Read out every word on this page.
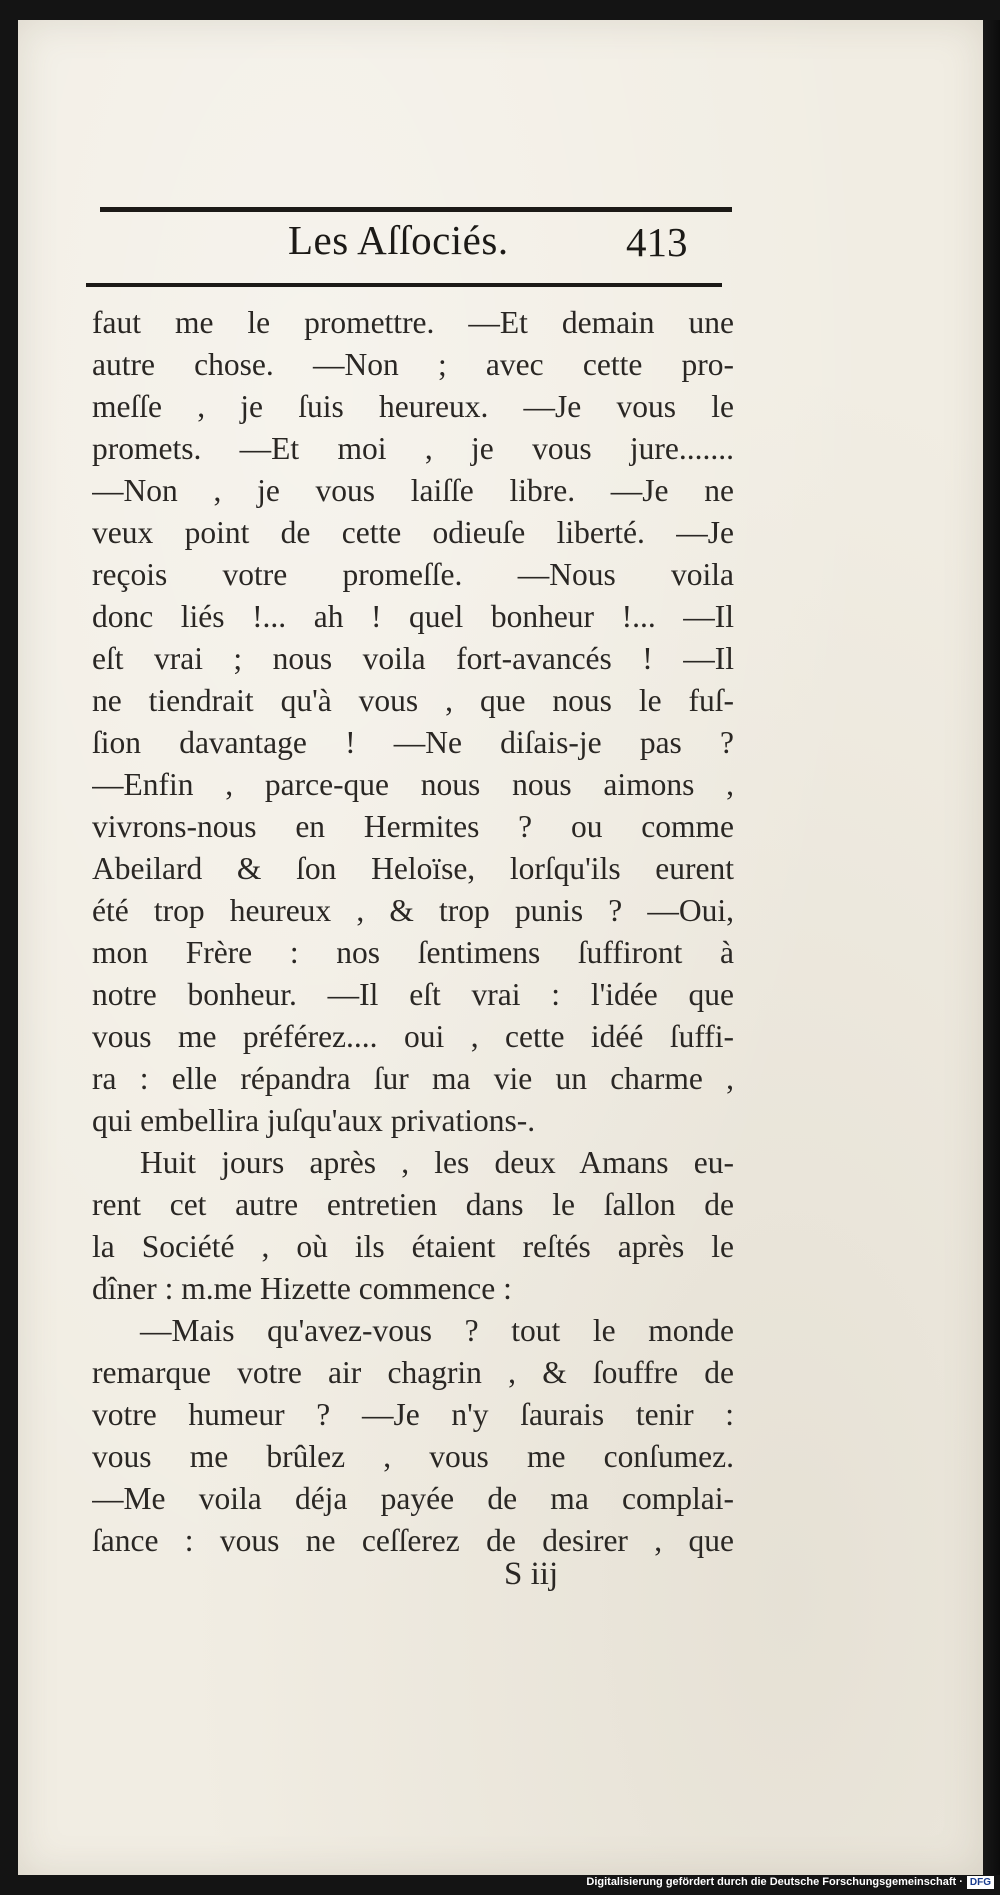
Les Aſſociés.	413
faut me le promettre. —Et demain une
autre chose. —Non ; avec cette pro-
meſſe , je ſuis heureux. —Je vous le
promets. —Et moi , je vous jure.......
—Non , je vous laiſſe libre. —Je ne
veux point de cette odieuſe liberté. —Je
reçois votre promeſſe. —Nous voila
donc liés !... ah ! quel bonheur !... —Il
eſt vrai ; nous voila fort-avancés ! —Il
ne tiendrait qu'à vous , que nous le fuſ-
ſion davantage ! —Ne diſais-je pas ?
—Enfin , parce-que nous nous aimons ,
vivrons-nous en Hermites ? ou comme
Abeilard & ſon Heloïse, lorſqu'ils eurent
été trop heureux , & trop punis ? —Oui,
mon Frère : nos ſentimens ſuffiront à
notre bonheur. —Il eſt vrai : l'idée que
vous me préférez.... oui , cette idéé ſuffi-
ra : elle répandra ſur ma vie un charme ,
qui embellira juſqu'aux privations-.
Huit jours après , les deux Amans eu-
rent cet autre entretien dans le ſallon de
la Société , où ils étaient reſtés après le
dîner : m.me Hizette commence :
—Mais qu'avez-vous ? tout le monde
remarque votre air chagrin , & ſouffre de
votre humeur ? —Je n'y ſaurais tenir :
vous me brûlez , vous me conſumez.
—Me voila déja payée de ma complai-
ſance : vous ne ceſſerez de desirer , que
S iij
Digitalisierung gefördert durch die Deutsche Forschungsgemeinschaft · DFG
